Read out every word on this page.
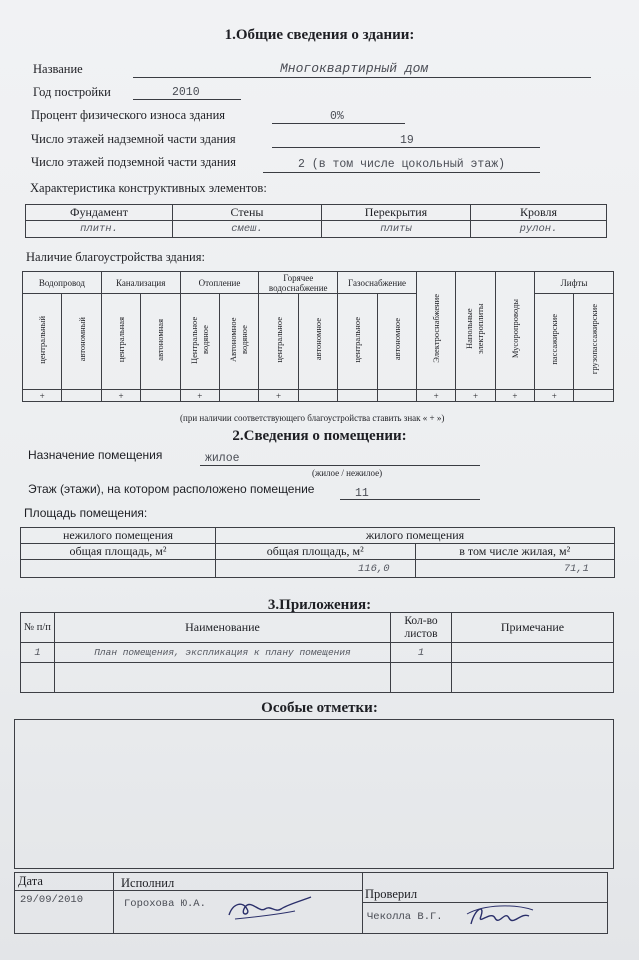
1.Общие сведения о здании:
Название	Многоквартирный дом
Год постройки	2010
Процент физического износа здания	0%
Число этажей надземной части здания	19
Число этажей подземной части здания	2 (в том числе цокольный этаж)
Характеристика конструктивных элементов:
Фундамент	Стены	Перекрытия	Кровля
плитн.	смеш.	плиты	рулон.
Наличие благоустройства здания:
Водопровод		Канализация		Отопление		Горячее водоснабжение		Газоснабжение		Электроснабжение	Напольные электроплиты	Мусоропроводы	Лифты	
центральный	автономный	центральная	автономная	Центральное водяное	Автономное водяное	центральное	автономное	центральное	автономное				пассажирские	грузопассажирские
+		+		+		+				+	+	+	+	
(при наличии соответствующего благоустройства ставить знак « + »)
2.Сведения о помещении:
Назначение помещения	жилое
(жилое / нежилое)
Этаж (этажи), на котором расположено помещение	11
Площадь помещения:
нежилого помещения	жилого помещения	
общая площадь, м²	общая площадь, м²	в том числе жилая, м²
	116,0	71,1
3.Приложения:
№ п/п	Наименование	Кол-во листов	Примечание
1	План помещения, экспликация к плану помещения	1	

Особые отметки:
Дата
29/09/2010
Исполнил
Горохова Ю.А.
Проверил
Чеколла В.Г.
